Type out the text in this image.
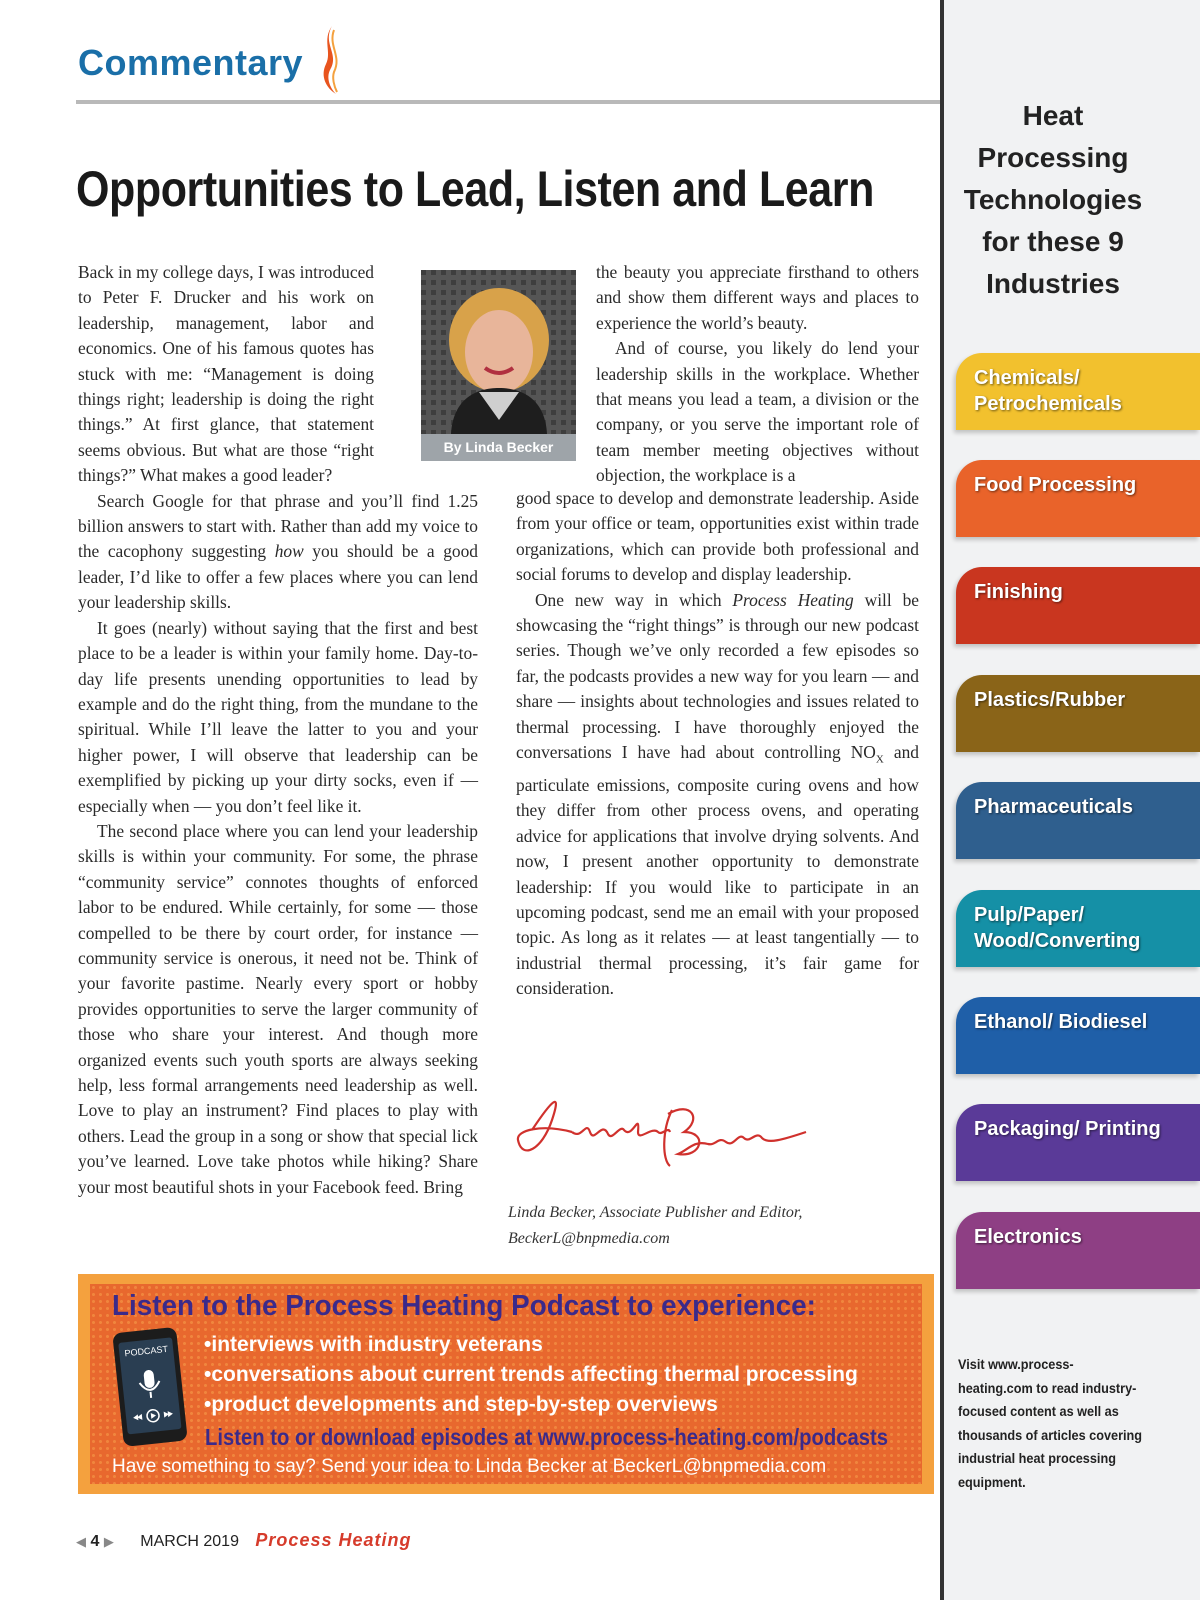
Commentary
Opportunities to Lead, Listen and Learn

Back in my college days, I was introduced to Peter F. Drucker and his work on leadership, management, labor and economics. One of his famous quotes has stuck with me: “Management is doing things right; leadership is doing the right things.” At first glance, that statement seems obvious. But what are those “right things?” What makes a good leader?

Search Google for that phrase and you’ll find 1.25 billion answers to start with. Rather than add my voice to the cacophony suggesting how you should be a good leader, I’d like to offer a few places where you can lend your leadership skills.

It goes (nearly) without saying that the first and best place to be a leader is within your family home. Day-to-day life presents unending opportunities to lead by example and do the right thing, from the mundane to the spiritual. While I’ll leave the latter to you and your higher power, I will observe that leadership can be exemplified by picking up your dirty socks, even if — especially when — you don’t feel like it.

The second place where you can lend your leadership skills is within your community. For some, the phrase “community service” connotes thoughts of enforced labor to be endured. While certainly, for some — those compelled to be there by court order, for instance — community service is onerous, it need not be. Think of your favorite pastime. Nearly every sport or hobby provides opportunities to serve the larger community of those who share your interest. And though more organized events such youth sports are always seeking help, less formal arrangements need leadership as well. Love to play an instrument? Find places to play with others. Lead the group in a song or show that special lick you’ve learned. Love take photos while hiking? Share your most beautiful shots in your Facebook feed. Bring

By Linda Becker

the beauty you appreciate firsthand to others and show them different ways and places to experience the world’s beauty.

And of course, you likely do lend your leadership skills in the workplace. Whether that means you lead a team, a division or the company, or you serve the important role of team member meeting objectives without objection, the workplace is a

good space to develop and demonstrate leadership. Aside from your office or team, opportunities exist within trade organizations, which can provide both professional and social forums to develop and display leadership.

One new way in which Process Heating will be showcasing the “right things” is through our new podcast series. Though we’ve only recorded a few episodes so far, the podcasts provides a new way for you learn — and share — insights about technologies and issues related to thermal processing. I have thoroughly enjoyed the conversations I have had about controlling $NO_X$ and particulate emissions, composite curing ovens and how they differ from other process ovens, and operating advice for applications that involve drying solvents. And now, I present another opportunity to demonstrate leadership: If you would like to participate in an upcoming podcast, send me an email with your proposed topic. As long as it relates — at least tangentially — to industrial thermal processing, it’s fair game for consideration.

Linda Becker, Associate Publisher and Editor,
BeckerL@bnpmedia.com
Listen to the Process Heating Podcast to experience:
• interviews with industry veterans
• conversations about current trends affecting thermal processing
• product developments and step-by-step overviews
Listen to or download episodes at www.process-heating.com/podcasts
Have something to say? Send your idea to Linda Becker at BeckerL@bnpmedia.com
PODCAST
◀ 4 ▶ MARCH 2019 Process Heating
Heat Processing Technologies for these 9 Industries
Chemicals/ Petrochemicals
Food Processing
Finishing
Plastics/Rubber
Pharmaceuticals
Pulp/Paper/ Wood/Converting
Ethanol/ Biodiesel
Packaging/ Printing
Electronics
Visit www.process-heating.com to read industry-focused content as well as thousands of articles covering industrial heat processing equipment.
